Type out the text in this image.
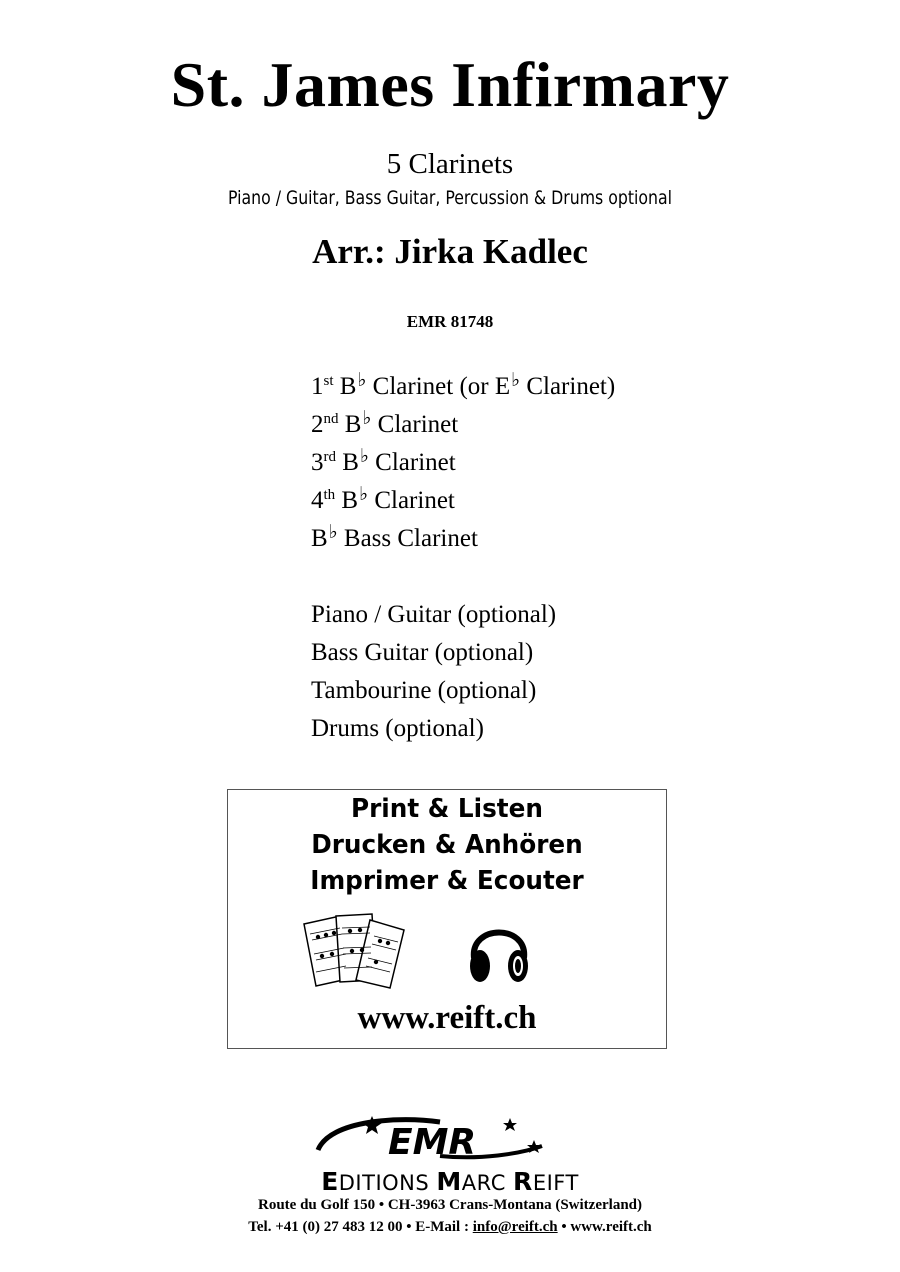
St. James Infirmary
5 Clarinets
Piano / Guitar, Bass Guitar, Percussion & Drums optional
Arr.: Jirka Kadlec
EMR 81748
1st B♭ Clarinet (or E♭ Clarinet)
2nd B♭ Clarinet
3rd B♭ Clarinet
4th B♭ Clarinet
B♭ Bass Clarinet
Piano / Guitar (optional)
Bass Guitar (optional)
Tambourine (optional)
Drums (optional)
Print & Listen
Drucken & Anhören
Imprimer & Ecouter
www.reift.ch
EMR
EDITIONS MARC REIFT
Route du Golf 150 • CH-3963 Crans-Montana (Switzerland)
Tel. +41 (0) 27 483 12 00 • E-Mail : info@reift.ch • www.reift.ch
